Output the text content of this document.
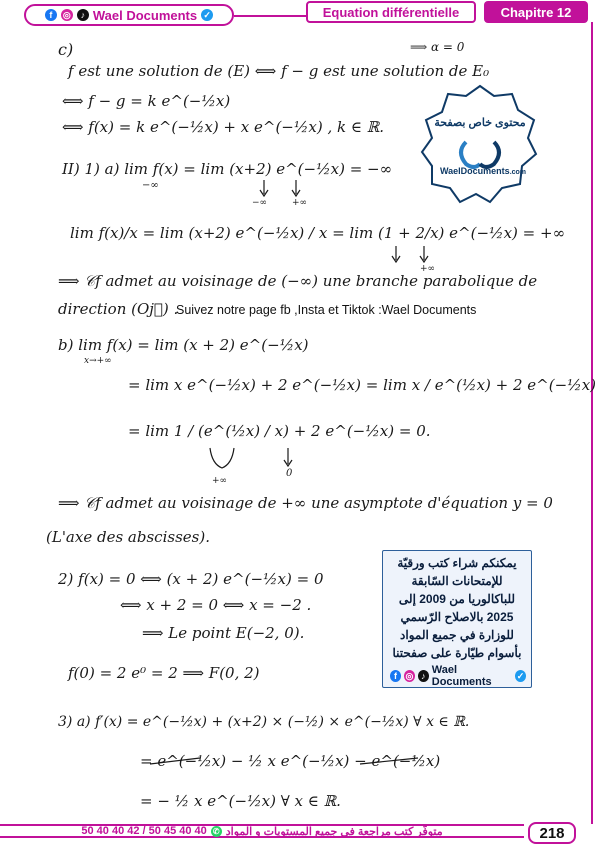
f	◎	♪ Wael Documents ✓	Equation différentielle	Chapitre 12
c)	⟹ α = 0
f est une solution de (E) ⟺ f − g est une solution de E₀
⟺ f − g = k e^(−½x)
⟺ f(x) = k e^(−½x) + x e^(−½x) , k ∈ ℝ.
II) 1) a) lim f(x) = lim (x+2) e^(−½x) = −∞
−∞
−∞	+∞
lim f(x)/x = lim (x+2) e^(−½x) / x = lim (1 + 2/x) e^(−½x) = +∞
+∞
⟹ 𝒞f admet au voisinage de (−∞) une branche parabolique de
direction (Oj⃗) .
Suivez notre page fb ,Insta et Tiktok :Wael Documents
b) lim f(x) = lim (x + 2) e^(−½x)
x→+∞
= lim x e^(−½x) + 2 e^(−½x) = lim x / e^(½x) + 2 e^(−½x)
= lim 1 / (e^(½x) / x) + 2 e^(−½x) = 0.
+∞
0
⟹ 𝒞f admet au voisinage de +∞ une asymptote d'équation y = 0
(L'axe des abscisses).
2) f(x) = 0 ⟺ (x + 2) e^(−½x) = 0
⟺ x + 2 = 0 ⟺ x = −2 .
⟹ Le point E(−2, 0).
f(0) = 2 e⁰ = 2 ⟹ F(0, 2)
3) a) f′(x) = e^(−½x) + (x+2) × (−½) × e^(−½x) ∀ x ∈ ℝ.
= e^(−½x) − ½ x e^(−½x) − e^(−½x)
= − ½ x e^(−½x) ∀ x ∈ ℝ.
محتوى خاص بصفحة
WaelDocuments.com
يمكنكم شراء كتب ورقيّة
للإمتحانات السّابقة
للباكالوريا من 2009 إلى
2025 بالاصلاح الرّسمي
للوزارة في جميع المواد
بأسوام طيّارة على صفحتنا
f ◎ ♪ Wael Documents	✓
50 40 40 42 / 50 45 40 40 ✆ متوفّر كتب مراجعة في جميع المستويات و المواد	218
